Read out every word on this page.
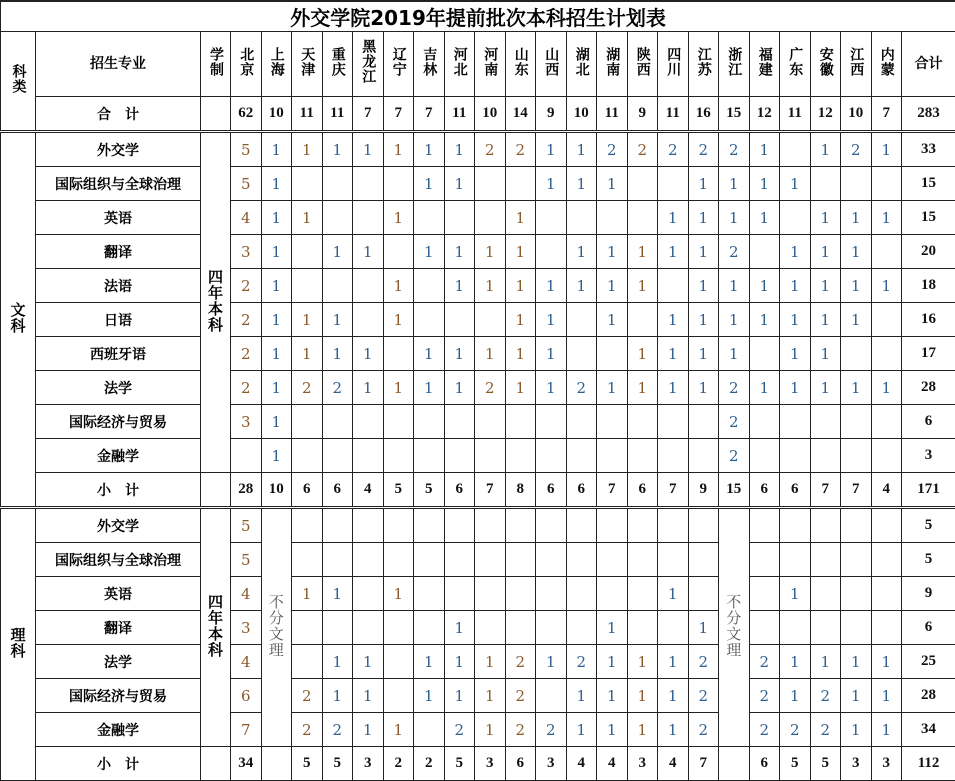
外交学院2019年提前批次本科招生计划表																									
科类	招生专业	学制	北京	上海	天津	重庆	黑龙江	辽宁	吉林	河北	河南	山东	山西	湖北	湖南	陕西	四川	江苏	浙江	福建	广东	安徽	江西	内蒙	合计
	合　计		62	10	11	11	7	7	7	11	10	14	9	10	11	9	11	16	15	12	11	12	10	7	283
文科	外交学	四年本科	5	1	1	1	1	1	1	1	2	2	1	1	2	2	2	2	2	1		1	2	1	33
	国际组织与全球治理		5	1					1	1			1	1	1			1	1	1	1				15
	英语		4	1	1			1				1					1	1	1	1		1	1	1	15
	翻译		3	1		1	1		1	1	1	1		1	1	1	1	1	2		1	1	1		20
	法语		2	1				1		1	1	1	1	1	1	1		1	1	1	1	1	1	1	18
	日语		2	1	1	1		1				1	1		1		1	1	1	1	1	1	1		16
	西班牙语		2	1	1	1	1		1	1	1	1	1			1	1	1	1		1	1			17
	法学		2	1	2	2	1	1	1	1	2	1	1	2	1	1	1	1	2	1	1	1	1	1	28
	国际经济与贸易		3	1															2						6
	金融学			1															2						3
	小　计		28	10	6	6	4	5	5	6	7	8	6	6	7	6	7	9	15	6	6	7	7	4	171
理科	外交学	四年本科	5	不分文理															不分文理						5
	国际组织与全球治理		5																						5
	英语		4		1	1		1									1				1				9
	翻译		3							1					1			1							6
	法学		4			1	1		1	1	1	2	1	2	1	1	1	2		2	1	1	1	1	25
	国际经济与贸易		6		2	1	1		1	1	1	2		1	1	1	1	2		2	1	2	1	1	28
	金融学		7		2	2	1	1		2	1	2	2	1	1	1	1	2		2	2	2	1	1	34
	小　计		34		5	5	3	2	2	5	3	6	3	4	4	3	4	7		6	5	5	3	3	112
